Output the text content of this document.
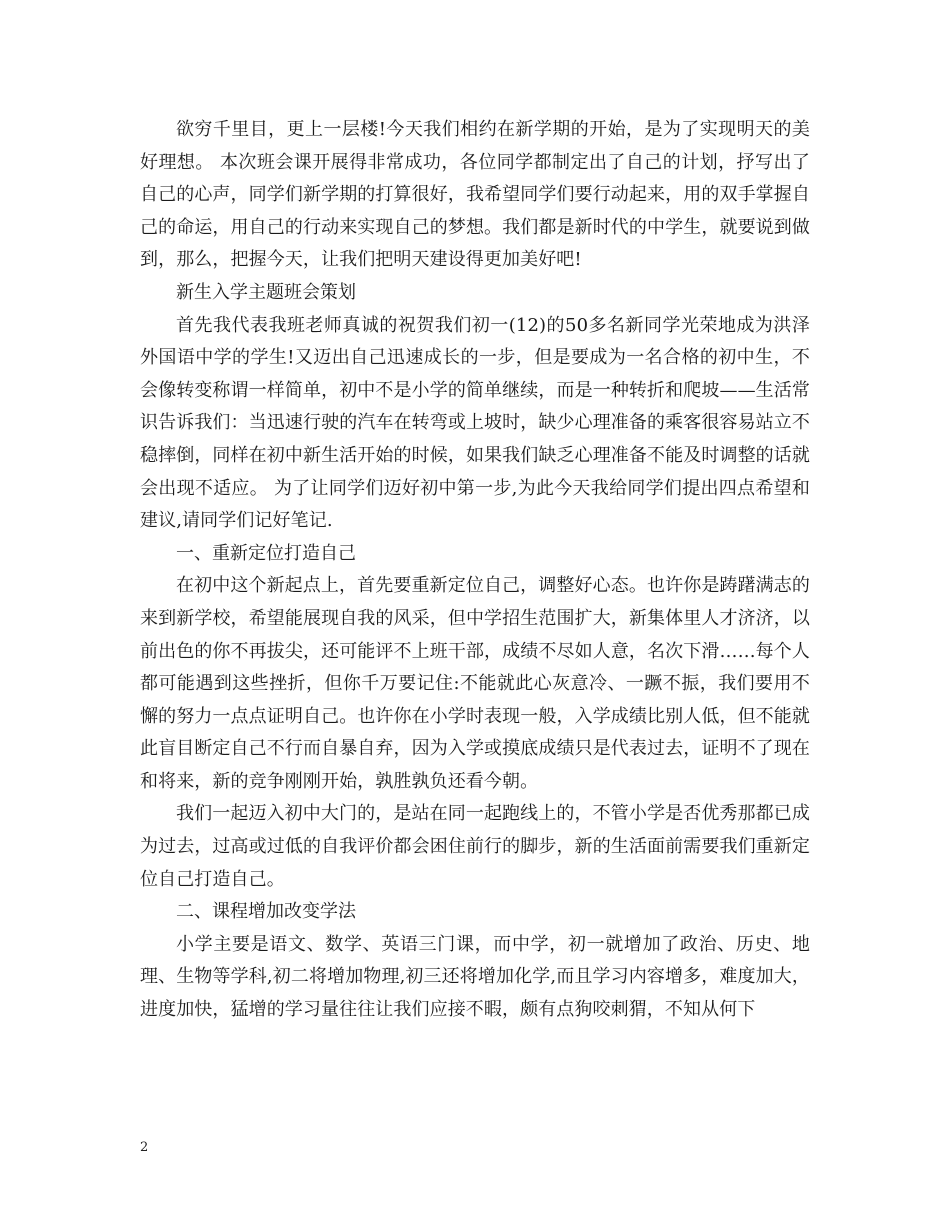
欲穷千里目，更上一层楼!今天我们相约在新学期的开始，是为了实现明天的美好理想。 本次班会课开展得非常成功，各位同学都制定出了自己的计划，抒写出了自己的心声，同学们新学期的打算很好，我希望同学们要行动起来，用的双手掌握自己的命运，用自己的行动来实现自己的梦想。我们都是新时代的中学生，就要说到做到，那么，把握今天，让我们把明天建设得更加美好吧!

新生入学主题班会策划

首先我代表我班老师真诚的祝贺我们初一(12)的50多名新同学光荣地成为洪泽外国语中学的学生!又迈出自己迅速成长的一步，但是要成为一名合格的初中生，不会像转变称谓一样简单，初中不是小学的简单继续，而是一种转折和爬坡——生活常识告诉我们：当迅速行驶的汽车在转弯或上坡时，缺少心理准备的乘客很容易站立不稳摔倒，同样在初中新生活开始的时候，如果我们缺乏心理准备不能及时调整的话就会出现不适应。 为了让同学们迈好初中第一步,为此今天我给同学们提出四点希望和建议,请同学们记好笔记.

一、重新定位打造自己

在初中这个新起点上，首先要重新定位自己，调整好心态。也许你是踌躇满志的来到新学校，希望能展现自我的风采，但中学招生范围扩大，新集体里人才济济，以前出色的你不再拔尖，还可能评不上班干部，成绩不尽如人意，名次下滑……每个人都可能遇到这些挫折，但你千万要记住:不能就此心灰意冷、一蹶不振，我们要用不懈的努力一点点证明自己。也许你在小学时表现一般，入学成绩比别人低，但不能就此盲目断定自己不行而自暴自弃，因为入学或摸底成绩只是代表过去，证明不了现在和将来，新的竞争刚刚开始，孰胜孰负还看今朝。

我们一起迈入初中大门的，是站在同一起跑线上的，不管小学是否优秀那都已成为过去，过高或过低的自我评价都会困住前行的脚步，新的生活面前需要我们重新定位自己打造自己。

二、课程增加改变学法

小学主要是语文、数学、英语三门课，而中学，初一就增加了政治、历史、地理、生物等学科,初二将增加物理,初三还将增加化学,而且学习内容增多，难度加大，进度加快，猛增的学习量往往让我们应接不暇，颇有点狗咬刺猬，不知从何下

2
